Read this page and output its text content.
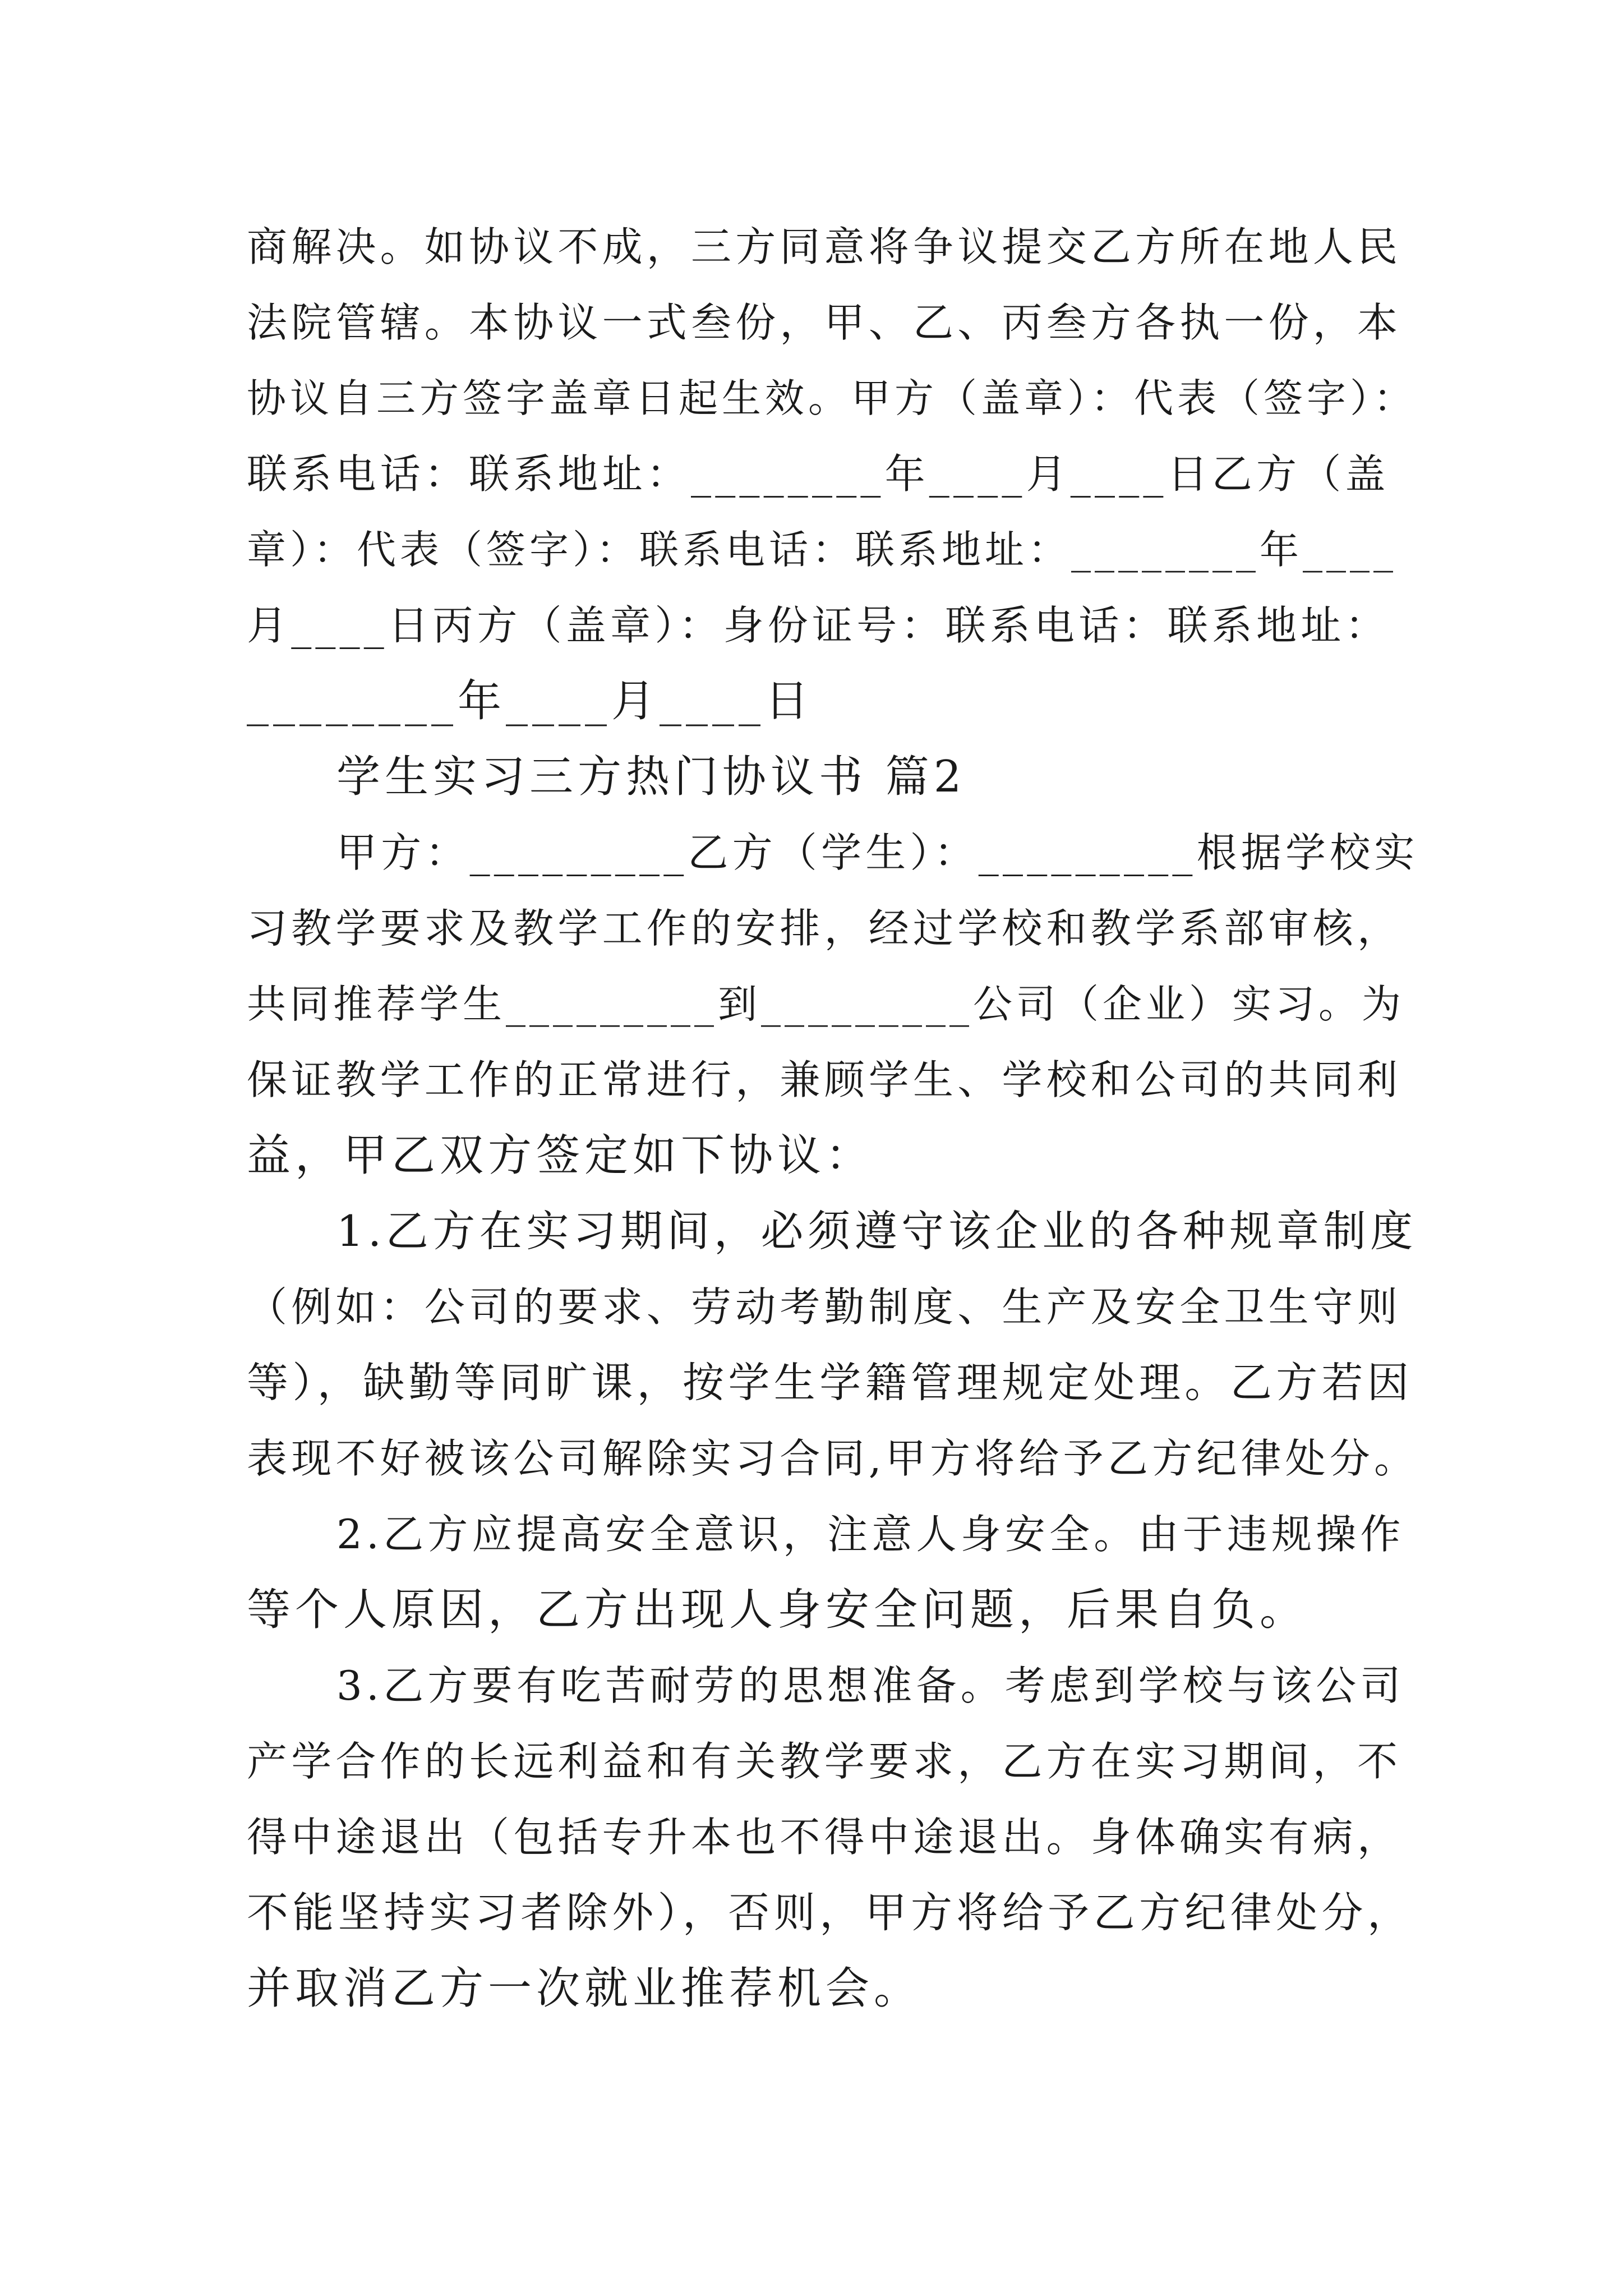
商解决。如协议不成，三方同意将争议提交乙方所在地人民
法院管辖。本协议一式叁份，甲、乙、丙叁方各执一份，本
协议自三方签字盖章日起生效。甲方（盖章）：代表（签字）：
联系电话：联系地址：________年____月____日乙方（盖
章）：代表（签字）：联系电话：联系地址：________年____
月____日丙方（盖章）：身份证号：联系电话：联系地址：
________年____月____日
学生实习三方热门协议书 篇2
甲方：_________乙方（学生）：_________根据学校实
习教学要求及教学工作的安排，经过学校和教学系部审核，
共同推荐学生_________到_________公司（企业）实习。为
保证教学工作的正常进行，兼顾学生、学校和公司的共同利
益，甲乙双方签定如下协议：
1.乙方在实习期间，必须遵守该企业的各种规章制度
（例如：公司的要求、劳动考勤制度、生产及安全卫生守则
等），缺勤等同旷课，按学生学籍管理规定处理。乙方若因
表现不好被该公司解除实习合同,甲方将给予乙方纪律处分。
2.乙方应提高安全意识，注意人身安全。由于违规操作
等个人原因，乙方出现人身安全问题，后果自负。
3.乙方要有吃苦耐劳的思想准备。考虑到学校与该公司
产学合作的长远利益和有关教学要求，乙方在实习期间，不
得中途退出（包括专升本也不得中途退出。身体确实有病，
不能坚持实习者除外），否则，甲方将给予乙方纪律处分，
并取消乙方一次就业推荐机会。
